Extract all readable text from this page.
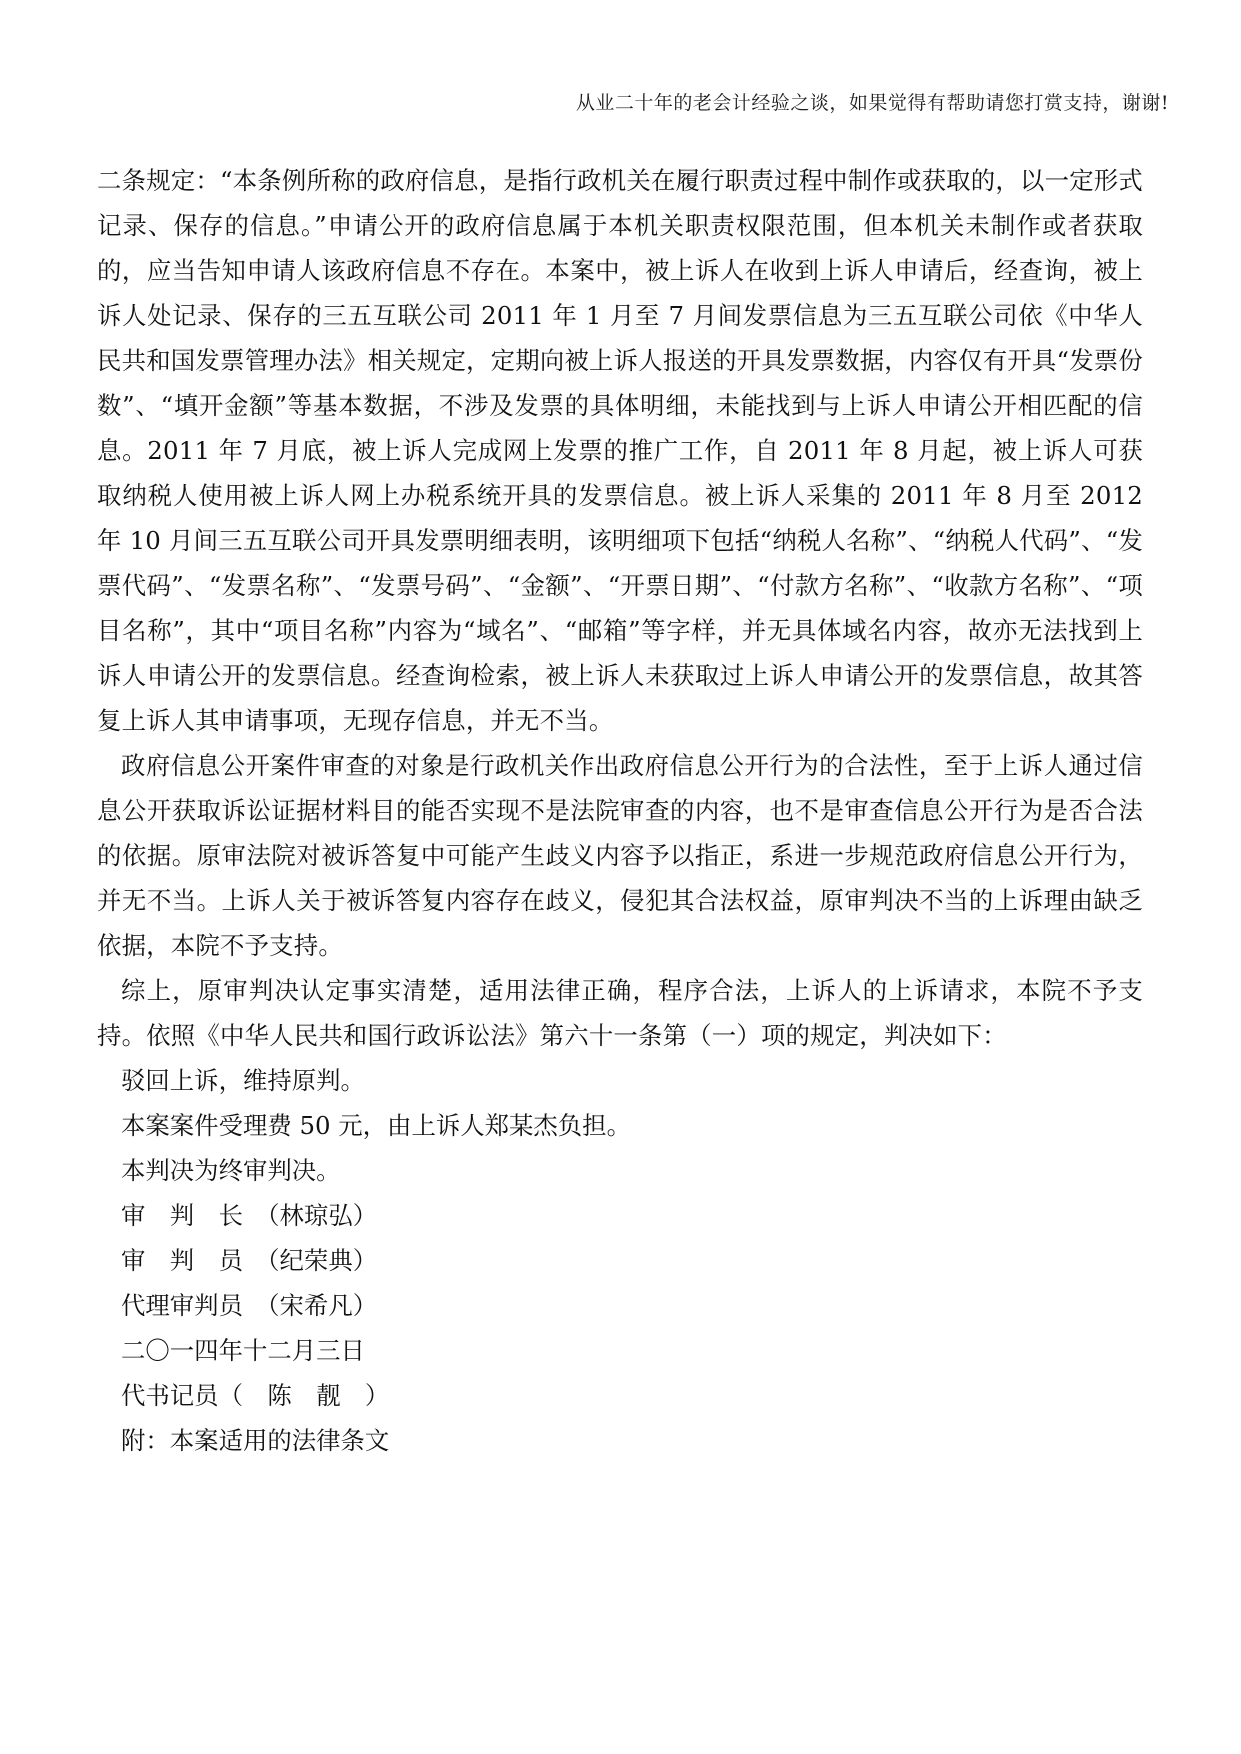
从业二十年的老会计经验之谈，如果觉得有帮助请您打赏支持，谢谢!

二条规定：“本条例所称的政府信息，是指行政机关在履行职责过程中制作或获取的，以一定形式记录、保存的信息。”申请公开的政府信息属于本机关职责权限范围，但本机关未制作或者获取的，应当告知申请人该政府信息不存在。本案中，被上诉人在收到上诉人申请后，经查询，被上诉人处记录、保存的三五互联公司 2011 年 1 月至 7 月间发票信息为三五互联公司依《中华人民共和国发票管理办法》相关规定，定期向被上诉人报送的开具发票数据，内容仅有开具“发票份数”、“填开金额”等基本数据，不涉及发票的具体明细，未能找到与上诉人申请公开相匹配的信息。2011 年 7 月底，被上诉人完成网上发票的推广工作，自 2011 年 8 月起，被上诉人可获取纳税人使用被上诉人网上办税系统开具的发票信息。被上诉人采集的 2011 年 8 月至 2012 年 10 月间三五互联公司开具发票明细表明，该明细项下包括“纳税人名称”、“纳税人代码”、“发票代码”、“发票名称”、“发票号码”、“金额”、“开票日期”、“付款方名称”、“收款方名称”、“项目名称”，其中“项目名称”内容为“域名”、“邮箱”等字样，并无具体域名内容，故亦无法找到上诉人申请公开的发票信息。经查询检索，被上诉人未获取过上诉人申请公开的发票信息，故其答复上诉人其申请事项，无现存信息，并无不当。

政府信息公开案件审查的对象是行政机关作出政府信息公开行为的合法性，至于上诉人通过信息公开获取诉讼证据材料目的能否实现不是法院审查的内容，也不是审查信息公开行为是否合法的依据。原审法院对被诉答复中可能产生歧义内容予以指正，系进一步规范政府信息公开行为，并无不当。上诉人关于被诉答复内容存在歧义，侵犯其合法权益，原审判决不当的上诉理由缺乏依据，本院不予支持。

综上，原审判决认定事实清楚，适用法律正确，程序合法，上诉人的上诉请求，本院不予支持。依照《中华人民共和国行政诉讼法》第六十一条第（一）项的规定，判决如下：

驳回上诉，维持原判。

本案案件受理费 50 元，由上诉人郑某杰负担。

本判决为终审判决。

审　判　长　（林琼弘）

审　判　员　（纪荣典）

代理审判员　（宋希凡）

二〇一四年十二月三日

代书记员（　陈　靓　）

附：本案适用的法律条文
